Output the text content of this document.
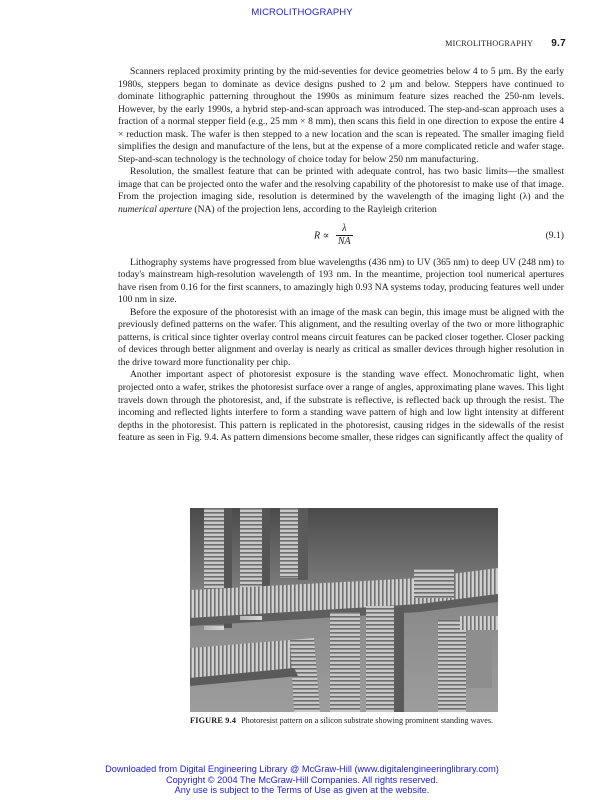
MICROLITHOGRAPHY
MICROLITHOGRAPHY 9.7

Scanners replaced proximity printing by the mid-seventies for device geometries below 4 to 5 μm. By the early 1980s, steppers began to dominate as device designs pushed to 2 μm and below. Steppers have continued to dominate lithographic patterning throughout the 1990s as minimum feature sizes reached the 250-nm levels. However, by the early 1990s, a hybrid step-and-scan approach was introduced. The step-and-scan approach uses a fraction of a normal stepper field (e.g., 25 mm × 8 mm), then scans this field in one direction to expose the entire 4 × reduction mask. The wafer is then stepped to a new location and the scan is repeated. The smaller imaging field simplifies the design and manufacture of the lens, but at the expense of a more complicated reticle and wafer stage. Step-and-scan technology is the technology of choice today for below 250 nm manufacturing.

Resolution, the smallest feature that can be printed with adequate control, has two basic limits—the smallest image that can be projected onto the wafer and the resolving capability of the photoresist to make use of that image. From the projection imaging side, resolution is determined by the wavelength of the imaging light (λ) and the numerical aperture (NA) of the projection lens, according to the Rayleigh criterion

$R \propto \frac{\lambda}{NA}$	(9.1)

Lithography systems have progressed from blue wavelengths (436 nm) to UV (365 nm) to deep UV (248 nm) to today's mainstream high-resolution wavelength of 193 nm. In the meantime, projection tool numerical apertures have risen from 0.16 for the first scanners, to amazingly high 0.93 NA systems today, producing features well under 100 nm in size.

Before the exposure of the photoresist with an image of the mask can begin, this image must be aligned with the previously defined patterns on the wafer. This alignment, and the resulting overlay of the two or more lithographic patterns, is critical since tighter overlay control means circuit features can be packed closer together. Closer packing of devices through better alignment and overlay is nearly as critical as smaller devices through higher resolution in the drive toward more functionality per chip.

Another important aspect of photoresist exposure is the standing wave effect. Monochromatic light, when projected onto a wafer, strikes the photoresist surface over a range of angles, approximating plane waves. This light travels down through the photoresist, and, if the substrate is reflective, is reflected back up through the resist. The incoming and reflected lights interfere to form a standing wave pattern of high and low light intensity at different depths in the photoresist. This pattern is replicated in the photoresist, causing ridges in the sidewalls of the resist feature as seen in Fig. 9.4. As pattern dimensions become smaller, these ridges can significantly affect the quality of

FIGURE 9.4 Photoresist pattern on a silicon substrate showing prominent standing waves.
Downloaded from Digital Engineering Library @ McGraw-Hill (www.digitalengineeringlibrary.com)
Copyright © 2004 The McGraw-Hill Companies. All rights reserved.
Any use is subject to the Terms of Use as given at the website.
